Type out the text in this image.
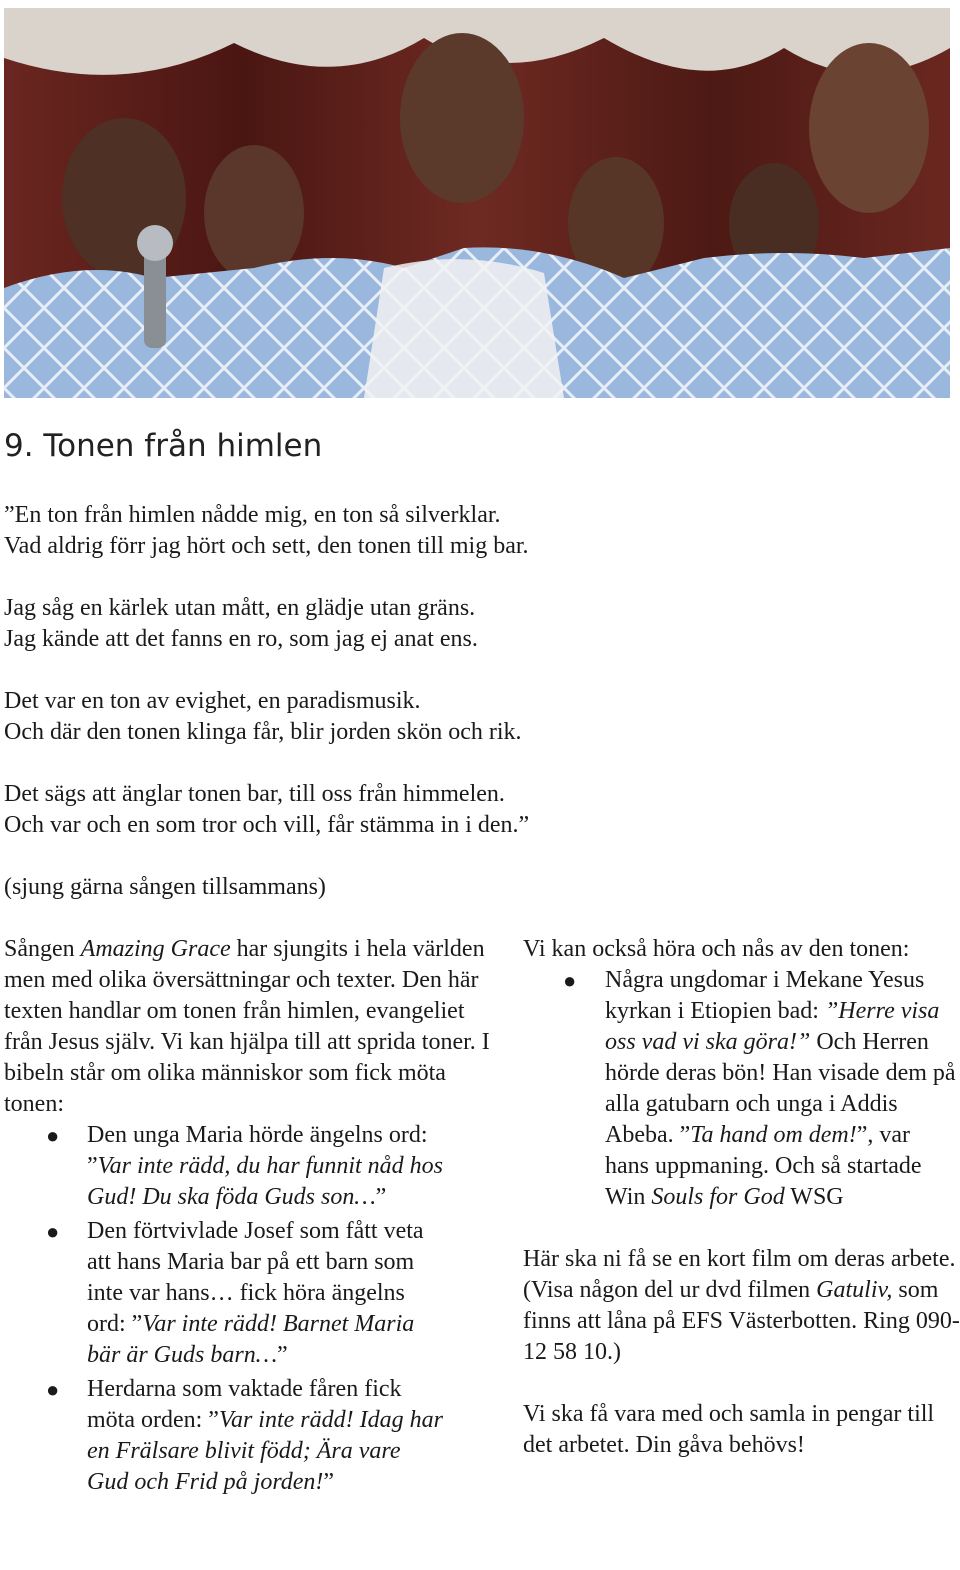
9. Tonen från himlen

”En ton från himlen nådde mig, en ton så silverklar.
Vad aldrig förr jag hört och sett, den tonen till mig bar.

Jag såg en kärlek utan mått, en glädje utan gräns.
Jag kände att det fanns en ro, som jag ej anat ens.

Det var en ton av evighet, en paradismusik.
Och där den tonen klinga får, blir jorden skön och rik.

Det sägs att änglar tonen bar, till oss från himmelen.
Och var och en som tror och vill, får stämma in i den.”

(sjung gärna sången tillsammans)

Sången Amazing Grace har sjungits i hela världen men med olika översättningar och texter. Den här texten handlar om tonen från himlen, evangeliet från Jesus själv. Vi kan hjälpa till att sprida toner. I bibeln står om olika människor som fick möta tonen:

● Den unga Maria hörde ängelns ord: ”Var inte rädd, du har funnit nåd hos Gud! Du ska föda Guds son…”
● Den förtvivlade Josef som fått veta att hans Maria bar på ett barn som inte var hans… fick höra ängelns ord: ”Var inte rädd! Barnet Maria bär är Guds barn…”
● Herdarna som vaktade fåren fick möta orden: ”Var inte rädd! Idag har en Frälsare blivit född; Ära vare Gud och Frid på jorden!”

Vi kan också höra och nås av den tonen:

● Några ungdomar i Mekane Yesus kyrkan i Etiopien bad: ”Herre visa oss vad vi ska göra!” Och Herren hörde deras bön! Han visade dem på alla gatubarn och unga i Addis Abeba. ”Ta hand om dem!”, var hans uppmaning. Och så startade Win Souls for God WSG

Här ska ni få se en kort film om deras arbete. (Visa någon del ur dvd filmen Gatuliv, som finns att låna på EFS Västerbotten. Ring 090-12 58 10.)

Vi ska få vara med och samla in pengar till det arbetet. Din gåva behövs!
